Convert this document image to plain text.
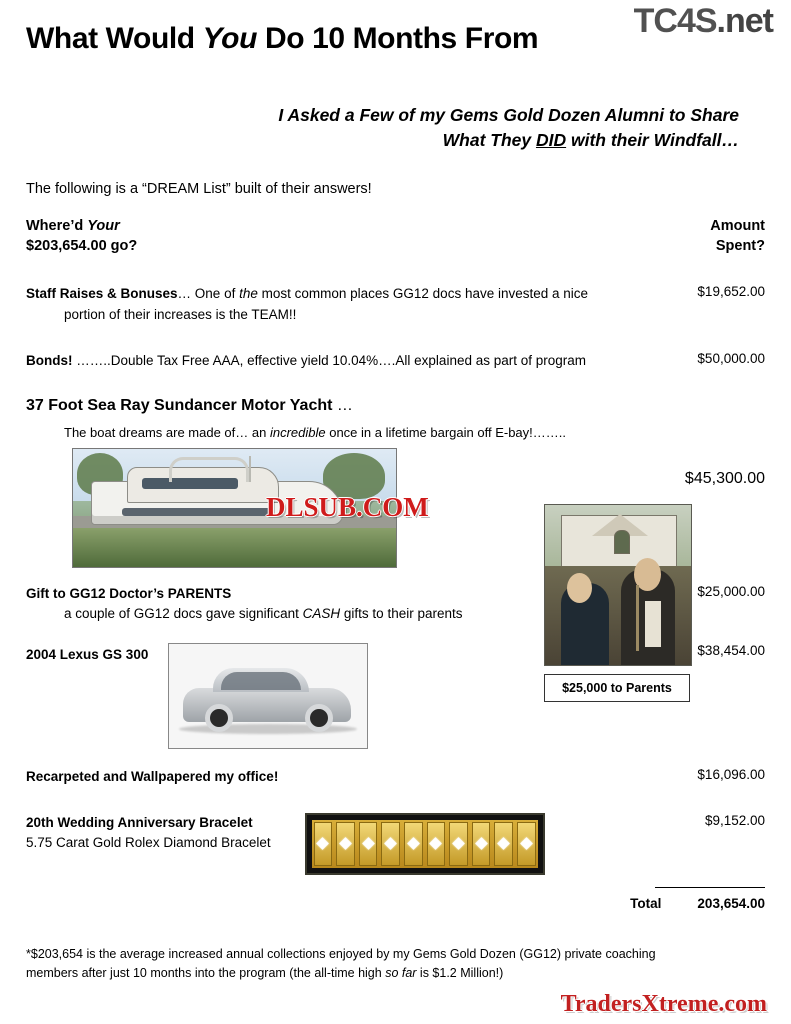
TC4S.net
What Would You Do 10 Months From
I Asked a Few of my Gems Gold Dozen Alumni to Share
What They DID with their Windfall…
The following is a “DREAM List” built of their answers!
Where’d Your
$203,654.00 go?
Amount
Spent?
Staff Raises & Bonuses… One of the most common places GG12 docs have invested a nice
portion of their increases is the TEAM!!
$19,652.00
Bonds! ……..Double Tax Free AAA, effective yield 10.04%….All explained as part of program	$50,000.00
37 Foot Sea Ray Sundancer Motor Yacht …
The boat dreams are made of… an incredible once in a lifetime bargain off E-bay!……..
$45,300.00
$25,000 to Parents
Gift to GG12 Doctor’s PARENTS
a couple of GG12 docs gave significant CASH gifts to their parents
$25,000.00
2004 Lexus GS 300	$38,454.00
Recarpeted and Wallpapered my office!	$16,096.00
20th Wedding Anniversary Bracelet
5.75 Carat Gold Rolex Diamond Bracelet
$9,152.00
Total	203,654.00
*$203,654 is the average increased annual collections enjoyed by my Gems Gold Dozen (GG12) private coaching
members after just 10 months into the program (the all-time high so far is $1.2 Million!)
DLSUB.COM
TradersXtreme.com
